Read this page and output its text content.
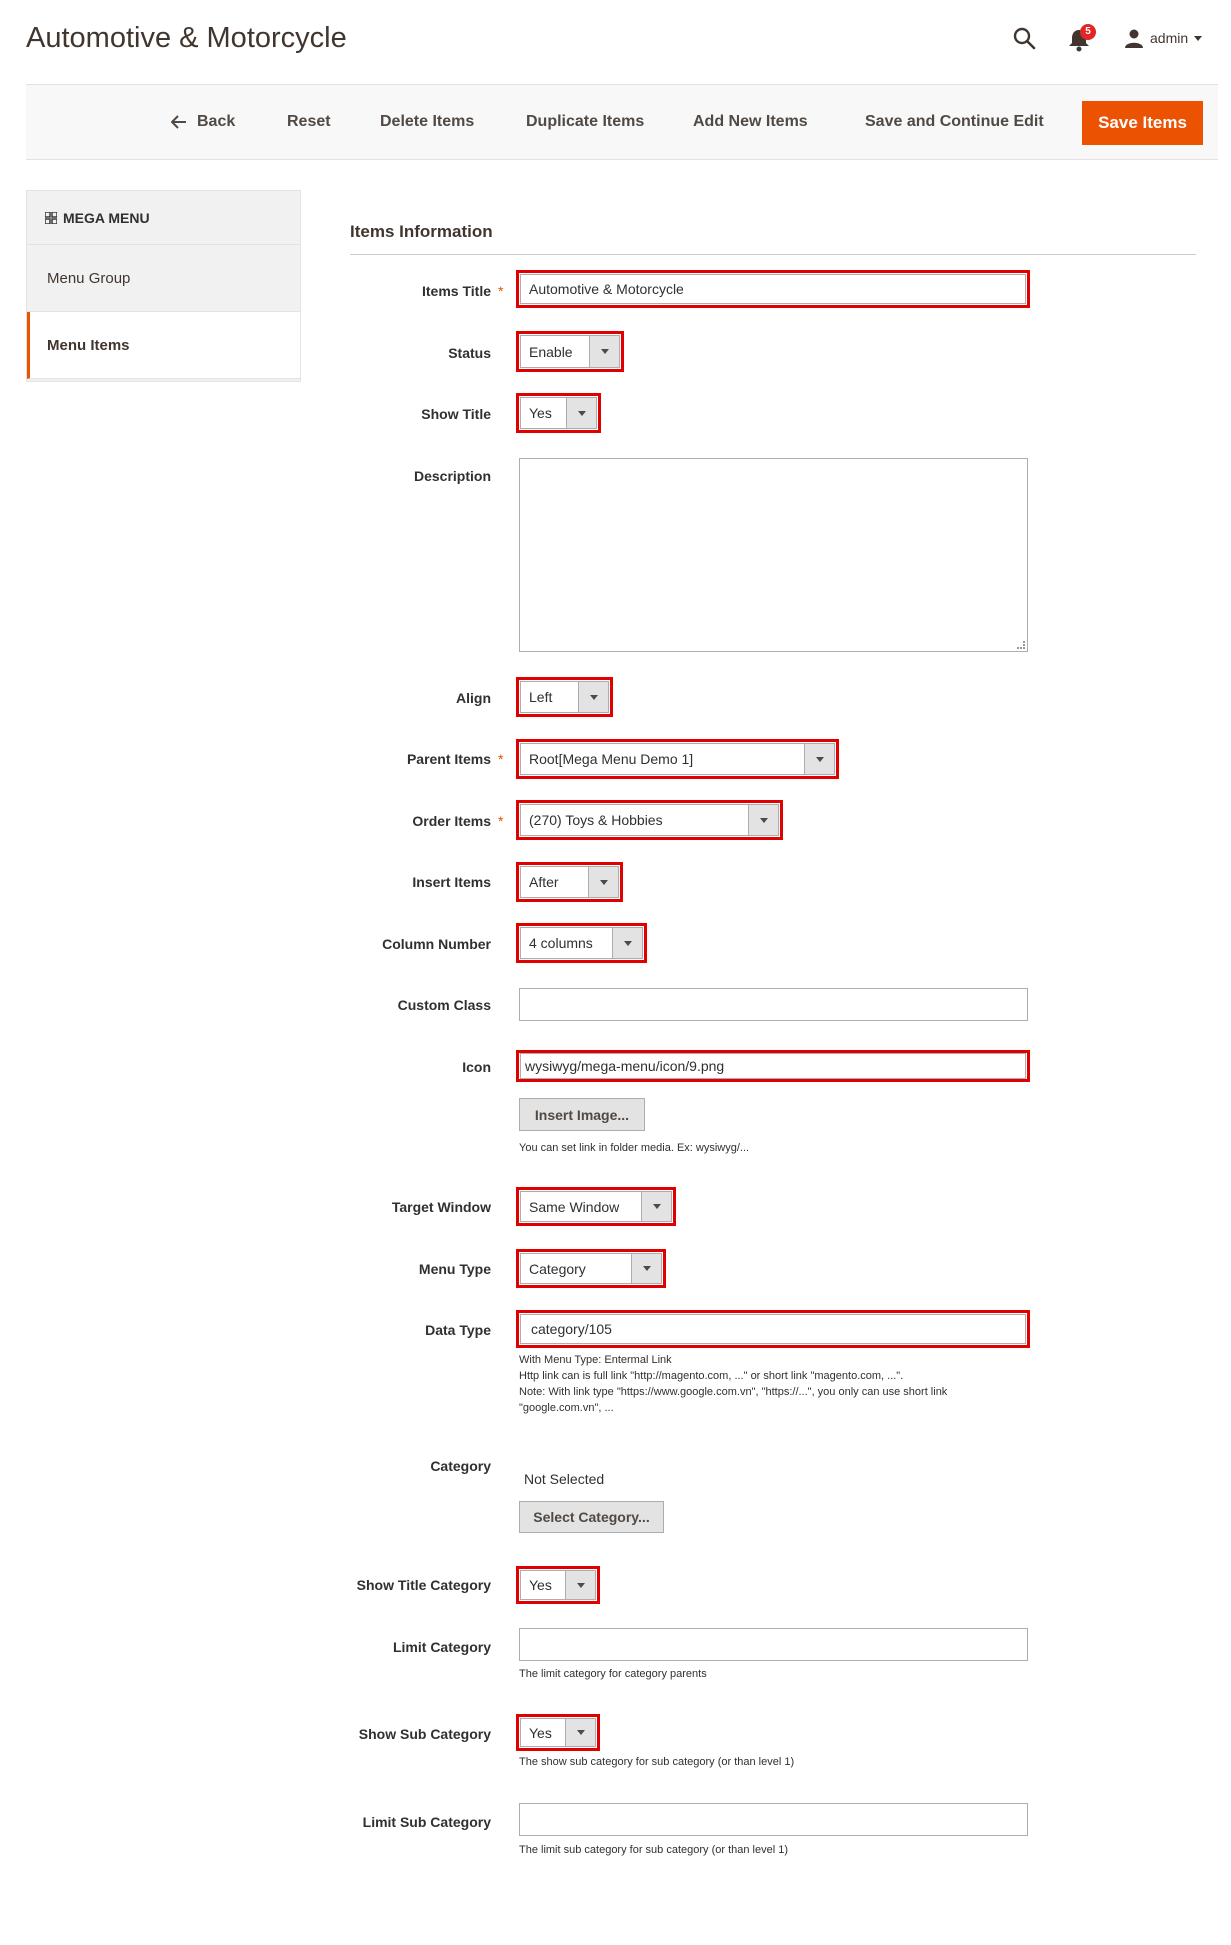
Automotive & Motorcycle	5	admin
Back	Reset	Delete Items	Duplicate Items	Add New Items	Save and Continue Edit	Save Items
MEGA MENU
Menu Group
Menu Items
Items Information
Items Title *	Automotive & Motorcycle
Status	Enable
Show Title	Yes
Description
Align	Left
Parent Items * Root[Mega Menu Demo 1]
Order Items * (270) Toys & Hobbies
Insert Items	After
Column Number	4 columns
Custom Class
Icon	wysiwyg/mega-menu/icon/9.png
Insert Image...
You can set link in folder media. Ex: wysiwyg/...
Target Window	Same Window
Menu Type	Category
Data Type	category/105
With Menu Type: Entermal Link
Http link can is full link "http://magento.com, ..." or short link "magento.com, ...".
Note: With link type "https://www.google.com.vn", "https://...", you only can use short link
"google.com.vn", ...
Category
Not Selected
Select Category...
Show Title Category	Yes
Limit Category
The limit category for category parents
Show Sub Category	Yes
The show sub category for sub category (or than level 1)
Limit Sub Category
The limit sub category for sub category (or than level 1)
